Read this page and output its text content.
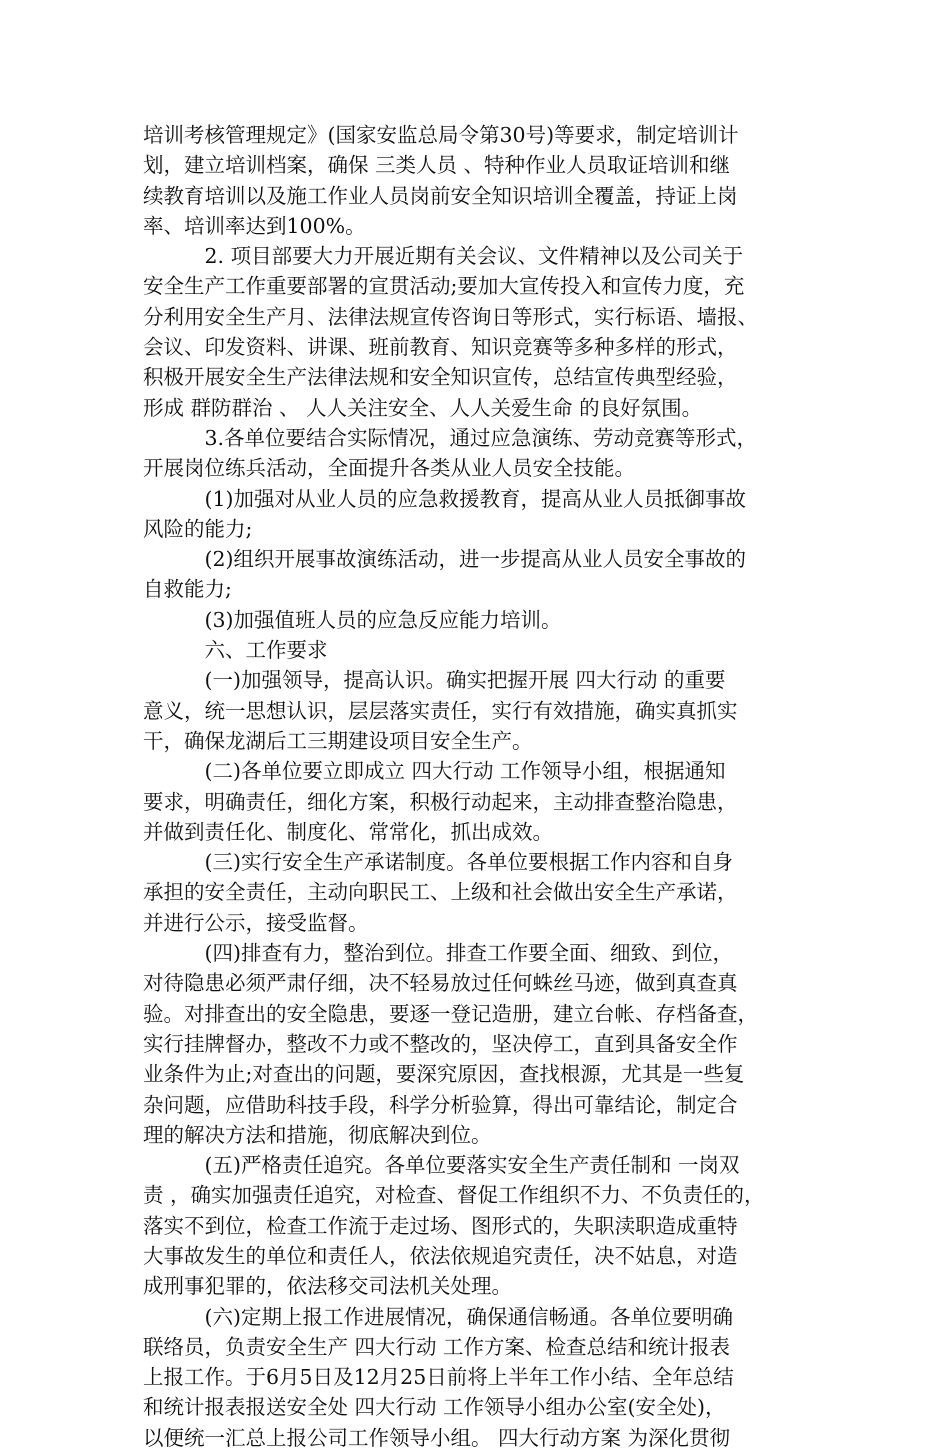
培训考核管理规定》(国家安监总局令第30号)等要求，制定培训计
划，建立培训档案，确保 三类人员 、特种作业人员取证培训和继
续教育培训以及施工作业人员岗前安全知识培训全覆盖，持证上岗
率、培训率达到100%。
　　　2. 项目部要大力开展近期有关会议、文件精神以及公司关于
安全生产工作重要部署的宣贯活动;要加大宣传投入和宣传力度，充
分利用安全生产月、法律法规宣传咨询日等形式，实行标语、墙报、
会议、印发资料、讲课、班前教育、知识竞赛等多种多样的形式，
积极开展安全生产法律法规和安全知识宣传，总结宣传典型经验，
形成 群防群治 、 人人关注安全、人人关爱生命 的良好氛围。
　　　3.各单位要结合实际情况，通过应急演练、劳动竞赛等形式，
开展岗位练兵活动，全面提升各类从业人员安全技能。
　　　(1)加强对从业人员的应急救援教育，提高从业人员抵御事故
风险的能力;
　　　(2)组织开展事故演练活动，进一步提高从业人员安全事故的
自救能力;
　　　(3)加强值班人员的应急反应能力培训。
　　　六、工作要求
　　　(一)加强领导，提高认识。确实把握开展 四大行动 的重要
意义，统一思想认识，层层落实责任，实行有效措施，确实真抓实
干，确保龙湖后工三期建设项目安全生产。
　　　(二)各单位要立即成立 四大行动 工作领导小组，根据通知
要求，明确责任，细化方案，积极行动起来，主动排查整治隐患，
并做到责任化、制度化、常常化，抓出成效。
　　　(三)实行安全生产承诺制度。各单位要根据工作内容和自身
承担的安全责任，主动向职民工、上级和社会做出安全生产承诺，
并进行公示，接受监督。
　　　(四)排查有力，整治到位。排查工作要全面、细致、到位，
对待隐患必须严肃仔细，决不轻易放过任何蛛丝马迹，做到真查真
验。对排查出的安全隐患，要逐一登记造册，建立台帐、存档备查，
实行挂牌督办，整改不力或不整改的，坚决停工，直到具备安全作
业条件为止;对查出的问题，要深究原因，查找根源，尤其是一些复
杂问题，应借助科技手段，科学分析验算，得出可靠结论，制定合
理的解决方法和措施，彻底解决到位。
　　　(五)严格责任追究。各单位要落实安全生产责任制和 一岗双
责 ，确实加强责任追究，对检查、督促工作组织不力、不负责任的，
落实不到位，检查工作流于走过场、图形式的，失职渎职造成重特
大事故发生的单位和责任人，依法依规追究责任，决不姑息，对造
成刑事犯罪的，依法移交司法机关处理。
　　　(六)定期上报工作进展情况，确保通信畅通。各单位要明确
联络员，负责安全生产 四大行动 工作方案、检查总结和统计报表
上报工作。于6月5日及12月25日前将上半年工作小结、全年总结
和统计报表报送安全处 四大行动 工作领导小组办公室(安全处)，
以便统一汇总上报公司工作领导小组。 四大行动方案 为深化贯彻
